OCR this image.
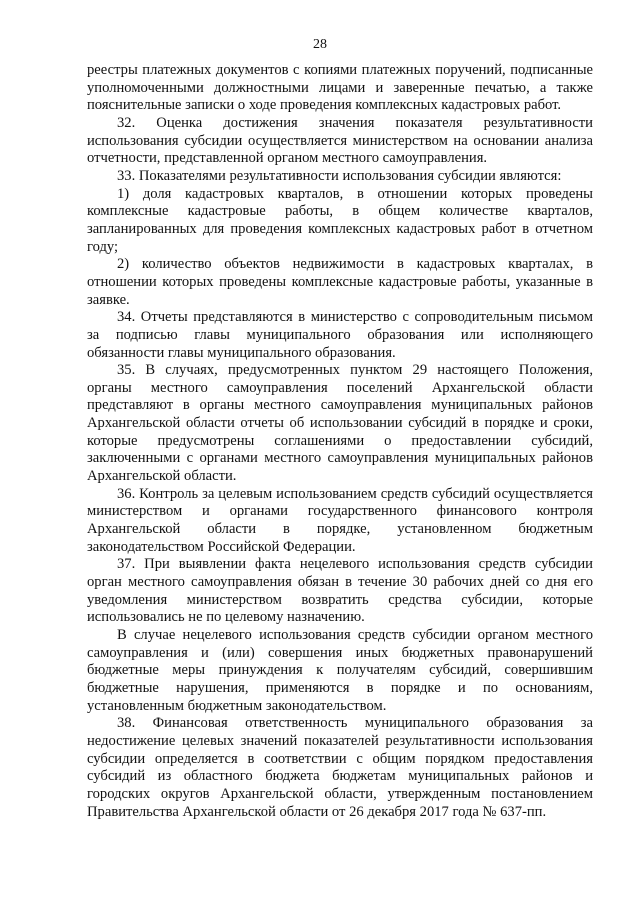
28

реестры платежных документов с копиями платежных поручений, подписанные уполномоченными должностными лицами и заверенные печатью, а также пояснительные записки о ходе проведения комплексных кадастровых работ.

32. Оценка достижения значения показателя результативности использования субсидии осуществляется министерством на основании анализа отчетности, представленной органом местного самоуправления.

33. Показателями результативности использования субсидии являются:

1) доля кадастровых кварталов, в отношении которых проведены комплексные кадастровые работы, в общем количестве кварталов, запланированных для проведения комплексных кадастровых работ в отчетном году;

2) количество объектов недвижимости в кадастровых кварталах, в отношении которых проведены комплексные кадастровые работы, указанные в заявке.

34. Отчеты представляются в министерство с сопроводительным письмом за подписью главы муниципального образования или исполняющего обязанности главы муниципального образования.

35. В случаях, предусмотренных пунктом 29 настоящего Положения, органы местного самоуправления поселений Архангельской области представляют в органы местного самоуправления муниципальных районов Архангельской области отчеты об использовании субсидий в порядке и сроки, которые предусмотрены соглашениями о предоставлении субсидий, заключенными с органами местного самоуправления муниципальных районов Архангельской области.

36. Контроль за целевым использованием средств субсидий осуществляется министерством и органами государственного финансового контроля Архангельской области в порядке, установленном бюджетным законодательством Российской Федерации.

37. При выявлении факта нецелевого использования средств субсидии орган местного самоуправления обязан в течение 30 рабочих дней со дня его уведомления министерством возвратить средства субсидии, которые использовались не по целевому назначению.

В случае нецелевого использования средств субсидии органом местного самоуправления и (или) совершения иных бюджетных правонарушений бюджетные меры принуждения к получателям субсидий, совершившим бюджетные нарушения, применяются в порядке и по основаниям, установленным бюджетным законодательством.

38. Финансовая ответственность муниципального образования за недостижение целевых значений показателей результативности использования субсидии определяется в соответствии с общим порядком предоставления субсидий из областного бюджета бюджетам муниципальных районов и городских округов Архангельской области, утвержденным постановлением Правительства Архангельской области от 26 декабря 2017 года № 637-пп.
